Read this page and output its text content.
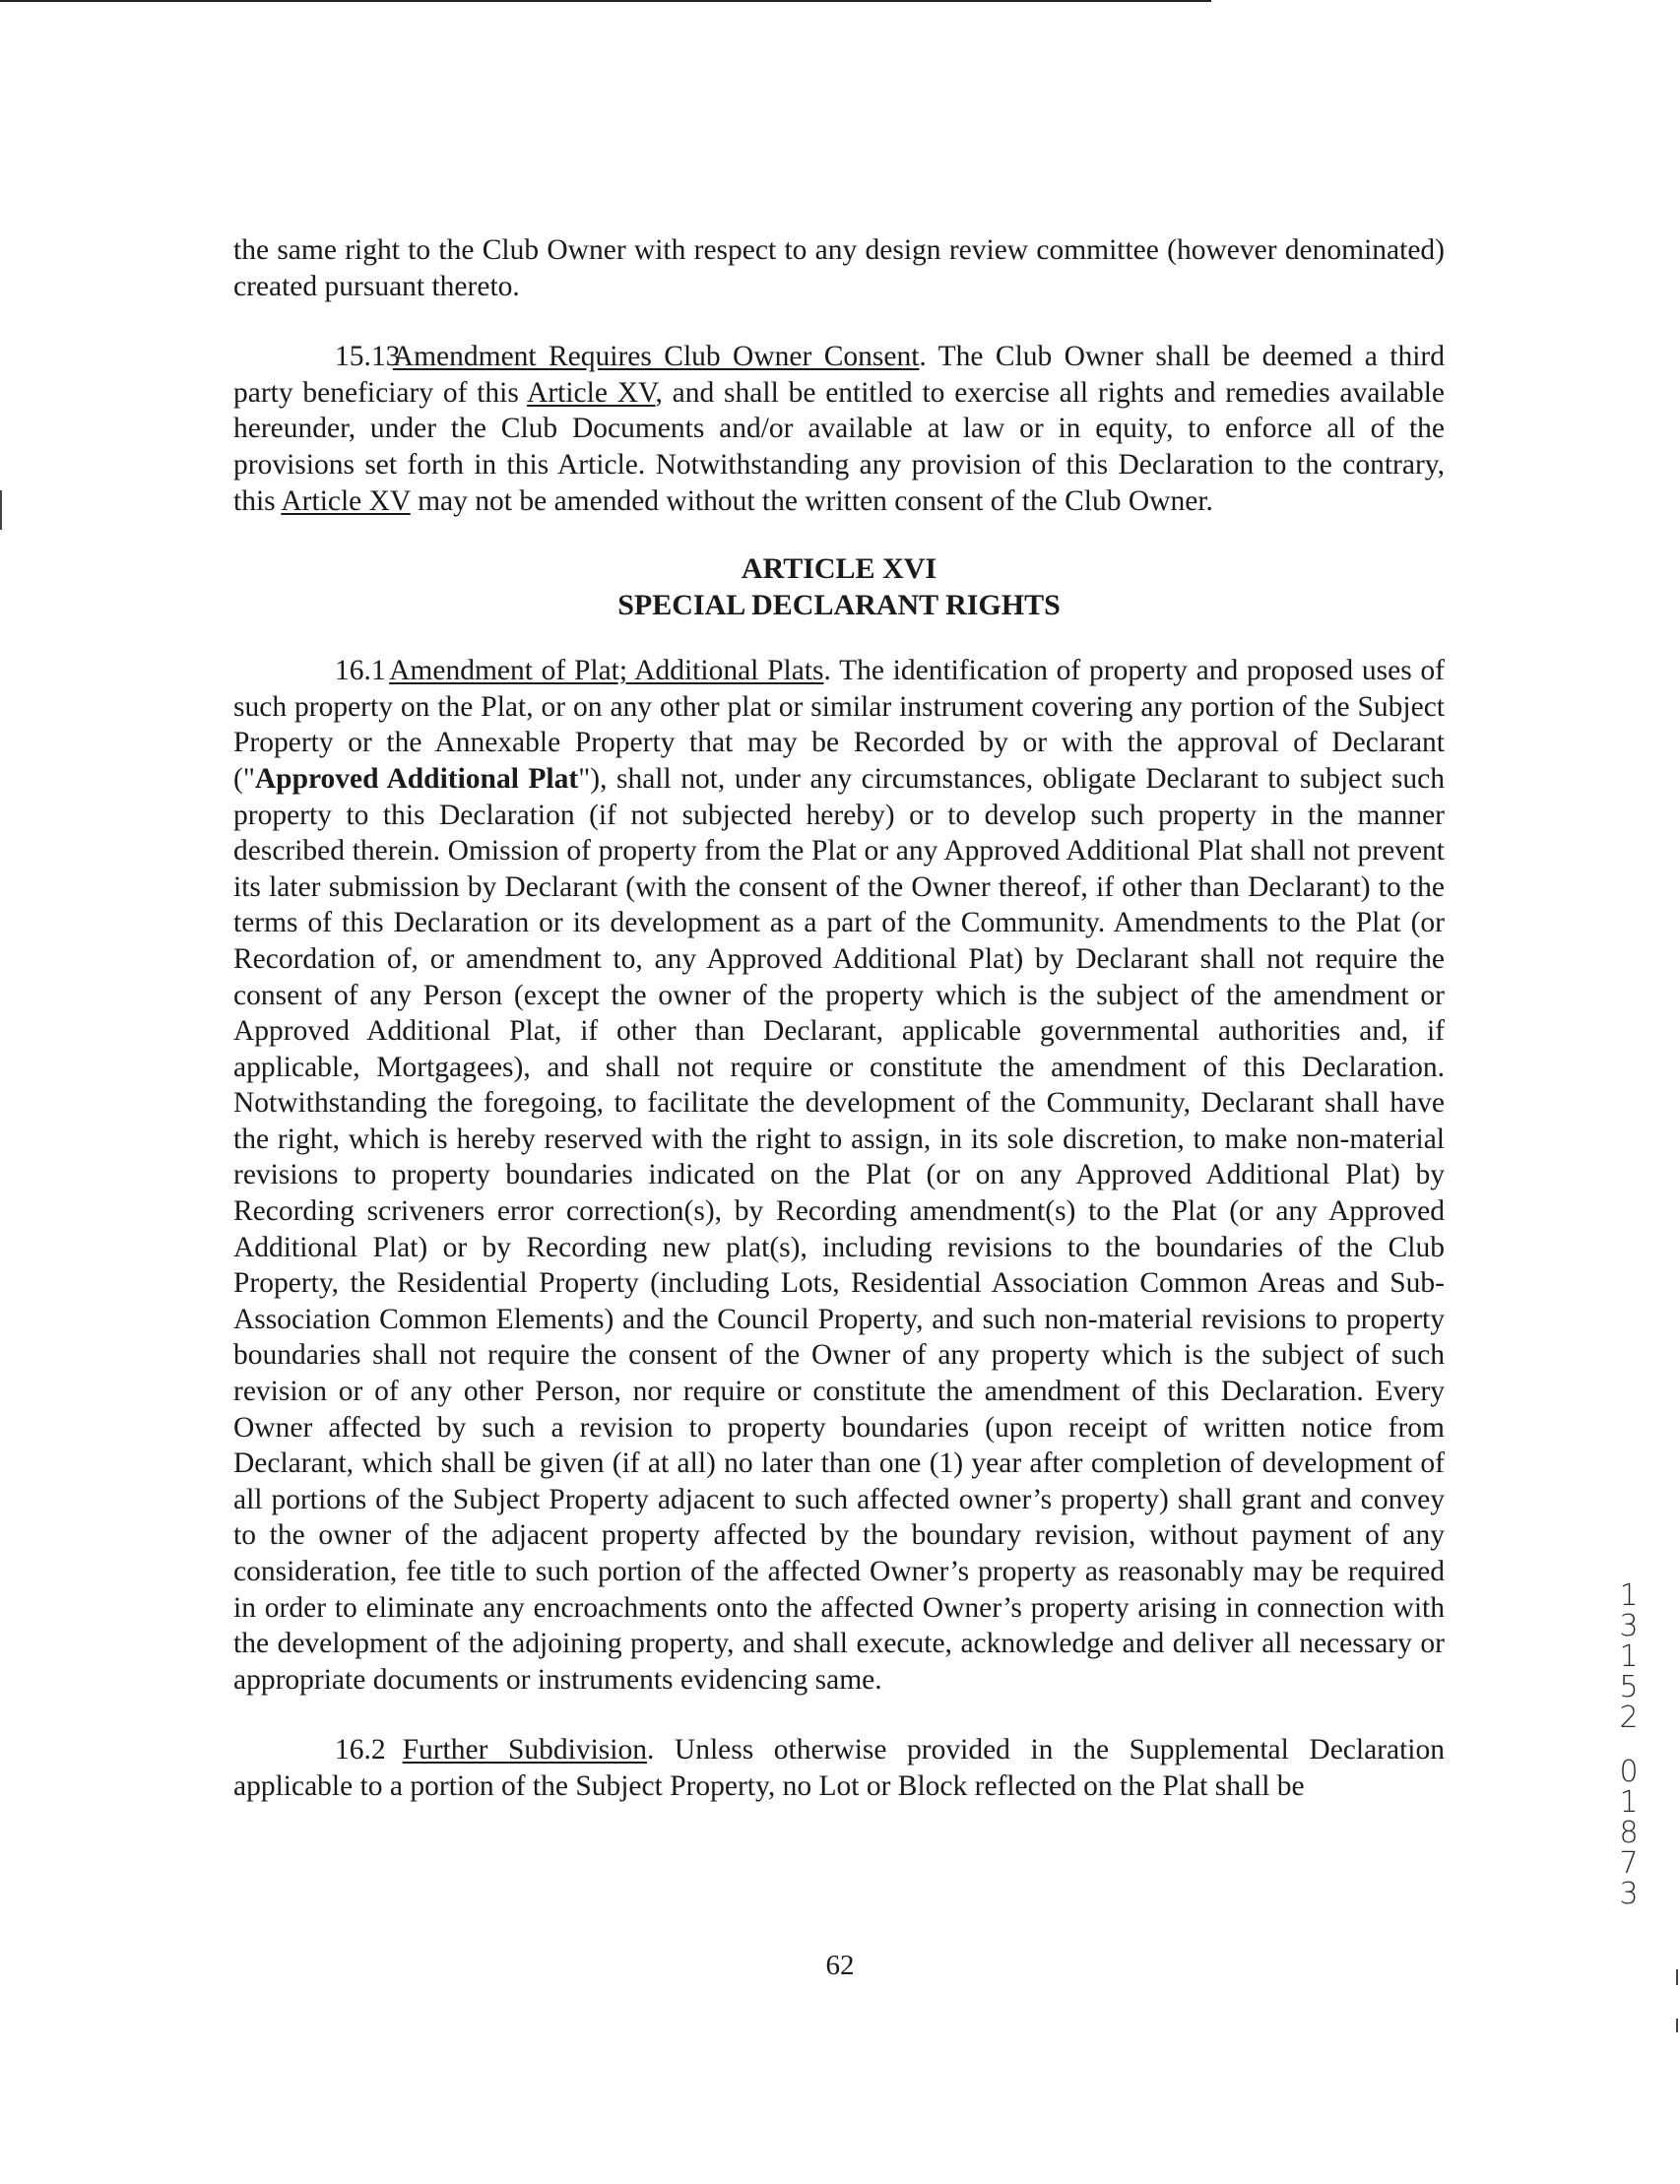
the same right to the Club Owner with respect to any design review committee (however denominated) created pursuant thereto.

15.13 Amendment Requires Club Owner Consent. The Club Owner shall be deemed a third party beneficiary of this Article XV, and shall be entitled to exercise all rights and remedies available hereunder, under the Club Documents and/or available at law or in equity, to enforce all of the provisions set forth in this Article. Notwithstanding any provision of this Declaration to the contrary, this Article XV may not be amended without the written consent of the Club Owner.

ARTICLE XVI
SPECIAL DECLARANT RIGHTS

16.1 Amendment of Plat; Additional Plats. The identification of property and proposed uses of such property on the Plat, or on any other plat or similar instrument covering any portion of the Subject Property or the Annexable Property that may be Recorded by or with the approval of Declarant ("Approved Additional Plat"), shall not, under any circumstances, obligate Declarant to subject such property to this Declaration (if not subjected hereby) or to develop such property in the manner described therein. Omission of property from the Plat or any Approved Additional Plat shall not prevent its later submission by Declarant (with the consent of the Owner thereof, if other than Declarant) to the terms of this Declaration or its development as a part of the Community. Amendments to the Plat (or Recordation of, or amendment to, any Approved Additional Plat) by Declarant shall not require the consent of any Person (except the owner of the property which is the subject of the amendment or Approved Additional Plat, if other than Declarant, applicable governmental authorities and, if applicable, Mortgagees), and shall not require or constitute the amendment of this Declaration. Notwithstanding the foregoing, to facilitate the development of the Community, Declarant shall have the right, which is hereby reserved with the right to assign, in its sole discretion, to make non-material revisions to property boundaries indicated on the Plat (or on any Approved Additional Plat) by Recording scriveners error correction(s), by Recording amendment(s) to the Plat (or any Approved Additional Plat) or by Recording new plat(s), including revisions to the boundaries of the Club Property, the Residential Property (including Lots, Residential Association Common Areas and Sub-Association Common Elements) and the Council Property, and such non-material revisions to property boundaries shall not require the consent of the Owner of any property which is the subject of such revision or of any other Person, nor require or constitute the amendment of this Declaration. Every Owner affected by such a revision to property boundaries (upon receipt of written notice from Declarant, which shall be given (if at all) no later than one (1) year after completion of development of all portions of the Subject Property adjacent to such affected owner’s property) shall grant and convey to the owner of the adjacent property affected by the boundary revision, without payment of any consideration, fee title to such portion of the affected Owner’s property as reasonably may be required in order to eliminate any encroachments onto the affected Owner’s property arising in connection with the development of the adjoining property, and shall execute, acknowledge and deliver all necessary or appropriate documents or instruments evidencing same.

16.2 Further Subdivision. Unless otherwise provided in the Supplemental Declaration applicable to a portion of the Subject Property, no Lot or Block reflected on the Plat shall be

62
1
3
1
5
2
0
1
8
7
3
